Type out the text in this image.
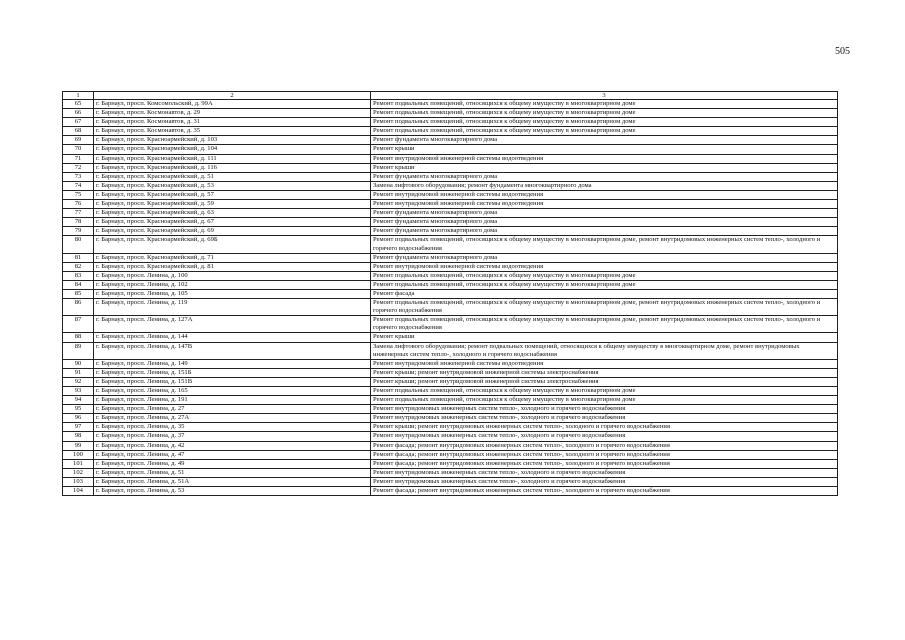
505
1	2	3
65	г. Барнаул, просп. Комсомольский, д. 99А	Ремонт подвальных помещений, относящихся к общему имуществу в многоквартирном доме
66	г. Барнаул, просп. Космонавтов, д. 29	Ремонт подвальных помещений, относящихся к общему имуществу в многоквартирном доме
67	г. Барнаул, просп. Космонавтов, д. 31	Ремонт подвальных помещений, относящихся к общему имуществу в многоквартирном доме
68	г. Барнаул, просп. Космонавтов, д. 35	Ремонт подвальных помещений, относящихся к общему имуществу в многоквартирном доме
69	г. Барнаул, просп. Красноармейский, д. 103	Ремонт фундамента многоквартирного дома
70	г. Барнаул, просп. Красноармейский, д. 104	Ремонт крыши
71	г. Барнаул, просп. Красноармейский, д. 111	Ремонт внутридомовой инженерной системы водоотведения
72	г. Барнаул, просп. Красноармейский, д. 116	Ремонт крыши
73	г. Барнаул, просп. Красноармейский, д. 51	Ремонт фундамента многоквартирного дома
74	г. Барнаул, просп. Красноармейский, д. 53	Замена лифтового оборудования; ремонт фундамента многоквартирного дома
75	г. Барнаул, просп. Красноармейский, д. 57	Ремонт внутридомовой инженерной системы водоотведения
76	г. Барнаул, просп. Красноармейский, д. 59	Ремонт внутридомовой инженерной системы водоотведения
77	г. Барнаул, просп. Красноармейский, д. 63	Ремонт фундамента многоквартирного дома
78	г. Барнаул, просп. Красноармейский, д. 67	Ремонт фундамента многоквартирного дома
79	г. Барнаул, просп. Красноармейский, д. 69	Ремонт фундамента многоквартирного дома
80	г. Барнаул, просп. Красноармейский, д. 69Б	Ремонт подвальных помещений, относящихся к общему имуществу в многоквартирном доме, ремонт внутридомовых инженерных систем тепло-, холодного и горячего водоснабжения
81	г. Барнаул, просп. Красноармейский, д. 71	Ремонт фундамента многоквартирного дома
82	г. Барнаул, просп. Красноармейский, д. 81	Ремонт внутридомовой инженерной системы водоотведения
83	г. Барнаул, просп. Ленина, д. 100	Ремонт подвальных помещений, относящихся к общему имуществу в многоквартирном доме
84	г. Барнаул, просп. Ленина, д. 102	Ремонт подвальных помещений, относящихся к общему имуществу в многоквартирном доме
85	г. Барнаул, просп. Ленина, д. 105	Ремонт фасада
86	г. Барнаул, просп. Ленина, д. 119	Ремонт подвальных помещений, относящихся к общему имуществу в многоквартирном доме, ремонт внутридомовых инженерных систем тепло-, холодного и горячего водоснабжения
87	г. Барнаул, просп. Ленина, д. 127А	Ремонт подвальных помещений, относящихся к общему имуществу в многоквартирном доме, ремонт внутридомовых инженерных систем тепло-, холодного и горячего водоснабжения
88	г. Барнаул, просп. Ленина, д. 144	Ремонт крыши
89	г. Барнаул, просп. Ленина, д. 147В	Замена лифтового оборудования; ремонт подвальных помещений, относящихся к общему имуществу в многоквартирном доме, ремонт внутридомовых инженерных систем тепло-, холодного и горячего водоснабжения
90	г. Барнаул, просп. Ленина, д. 149	Ремонт внутридомовой инженерной системы водоотведения
91	г. Барнаул, просп. Ленина, д. 151Б	Ремонт крыши; ремонт внутридомовой инженерной системы электроснабжения
92	г. Барнаул, просп. Ленина, д. 151В	Ремонт крыши; ремонт внутридомовой инженерной системы электроснабжения
93	г. Барнаул, просп. Ленина, д. 165	Ремонт подвальных помещений, относящихся к общему имуществу в многоквартирном доме
94	г. Барнаул, просп. Ленина, д. 191	Ремонт подвальных помещений, относящихся к общему имуществу в многоквартирном доме
95	г. Барнаул, просп. Ленина, д. 27	Ремонт внутридомовых инженерных систем тепло-, холодного и горячего водоснабжения
96	г. Барнаул, просп. Ленина, д. 27А	Ремонт внутридомовых инженерных систем тепло-, холодного и горячего водоснабжения
97	г. Барнаул, просп. Ленина, д. 35	Ремонт крыши; ремонт внутридомовых инженерных систем тепло-, холодного и горячего водоснабжения
98	г. Барнаул, просп. Ленина, д. 37	Ремонт внутридомовых инженерных систем тепло-, холодного и горячего водоснабжения
99	г. Барнаул, просп. Ленина, д. 42	Ремонт фасада; ремонт внутридомовых инженерных систем тепло-, холодного и горячего водоснабжения
100	г. Барнаул, просп. Ленина, д. 47	Ремонт фасада; ремонт внутридомовых инженерных систем тепло-, холодного и горячего водоснабжения
101	г. Барнаул, просп. Ленина, д. 49	Ремонт фасада; ремонт внутридомовых инженерных систем тепло-, холодного и горячего водоснабжения
102	г. Барнаул, просп. Ленина, д. 51	Ремонт внутридомовых инженерных систем тепло-, холодного и горячего водоснабжения
103	г. Барнаул, просп. Ленина, д. 51А	Ремонт внутридомовых инженерных систем тепло-, холодного и горячего водоснабжения
104	г. Барнаул, просп. Ленина, д. 53	Ремонт фасада; ремонт внутридомовых инженерных систем тепло-, холодного и горячего водоснабжения
